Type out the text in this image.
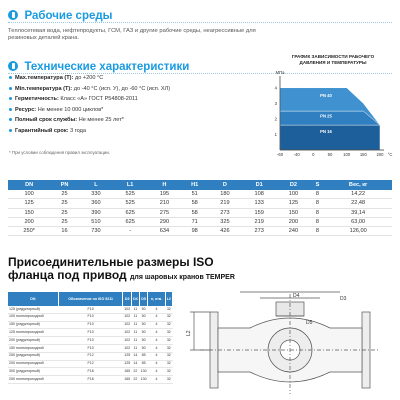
Рабочие среды
Теплосетевая вода, нефтепродукты, ГСМ, ГАЗ и другие рабочие среды, неагрессивные для резиновых деталей крана.
Технические характеристики
Max.температура (T): до +200 °С
Min.температура (T): до -40 °С (исп. У), до -60 °С (исп. ХЛ)
Герметичность: Класс «А» ГОСТ Р54808-2011
Ресурс: Не менее 10 000 циклов*
Полный срок службы: Не менее 25 лет*
Гарантийный срок: 3 года
* При условии соблюдения правил эксплуатации.
ГРАФИК ЗАВИСИМОСТИ РАБОЧЕГО
ДАВЛЕНИЯ И ТЕМПЕРАТУРЫ
4
3
2
1
-60	-40	0	50	100 150 200
МПа
°С
PN 40
PN 25
PN 16
DN	PN	L	L1	H	H1	D	D1	D2	S	Вес, кг
100	25	330	525	195	51	180	108	100	8	14,22
125	25	360	525	210	58	219	133	125	8	22,48
150	25	390	625	275	58	273	159	150	8	39,14
200	25	510	625	290	71	325	219	200	8	63,00
250*	16	730	-	634	98	426	273	240	8	126,00
Присоединительные размеры ISO
фланца под привод для шаровых кранов TEMPER
DN	Обозначение по ISO 5211	D3	D4	D5	n, отв.	L2
125 (редукторный)	F10	102	11	50	4	32
100 полнопроходной	F10	102	11	50	4	32
150 (редукторный)	F10	102	11	50	4	32
125 полнопроходной	F10	102	11	50	4	32
200 (редукторный)	F10	102	11	50	4	32
150 полнопроходной	F10	102	11	50	4	32
250 (редукторный)	F12	125	14	85	4	32
200 полнопроходной	F12	125	14	85	4	32
300 (редукторный)	F16	165	22	130	4	32
250 полнопроходной	F16	165	22	130	4	32
D4	D3
D5
L2
